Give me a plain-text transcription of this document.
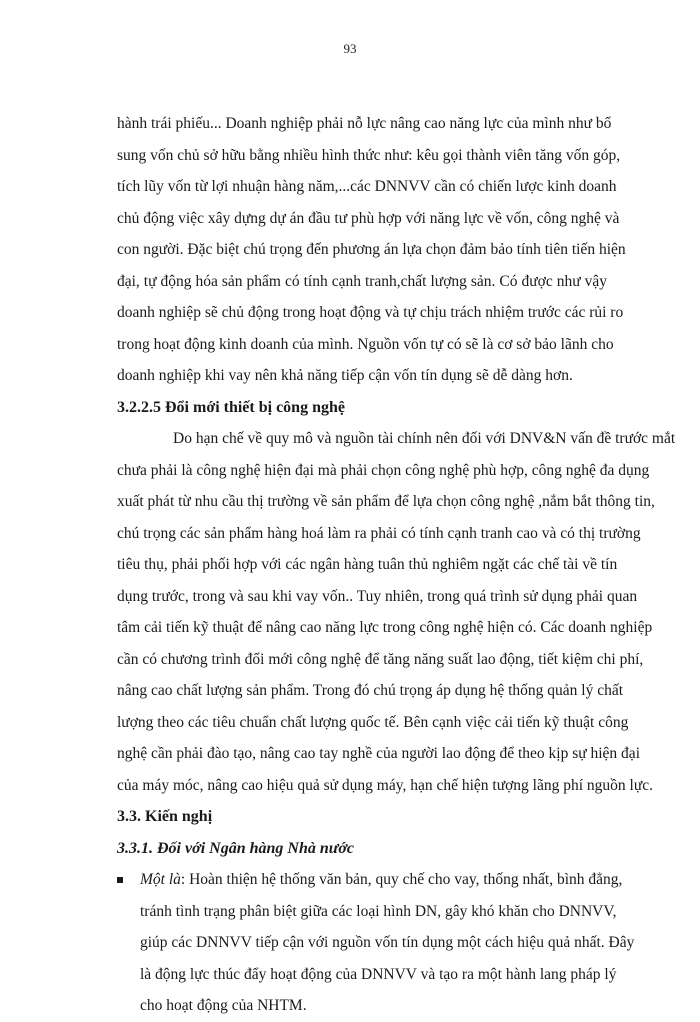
93
hành trái phiếu... Doanh nghiệp phải nỗ lực nâng cao năng lực của mình như bổ
sung vốn chủ sở hữu bằng nhiều hình thức như: kêu gọi thành viên tăng vốn góp,
tích lũy vốn từ lợi nhuận hàng năm,...các DNNVV cần có chiến lược kinh doanh
chủ động việc xây dựng dự án đầu tư phù hợp với năng lực về vốn, công nghệ và
con người. Đặc biệt chú trọng đến phương án lựa chọn đảm bảo tính tiên tiến hiện
đại, tự động hóa sản phẩm có tính cạnh tranh,chất lượng sản. Có được như vậy
doanh nghiệp sẽ chủ động trong hoạt động và tự chịu trách nhiệm trước các rủi ro
trong hoạt động kinh doanh của mình. Nguồn vốn tự có sẽ là cơ sở bảo lãnh cho
doanh nghiệp khi vay nên khả năng tiếp cận vốn tín dụng sẽ dễ dàng hơn.
3.2.2.5 Đổi mới thiết bị công nghệ
Do hạn chế về quy mô và nguồn tài chính nên đối với DNV&N vấn đề trước mắt
chưa phải là công nghệ hiện đại mà phải chọn công nghệ phù hợp, công nghệ đa dụng
xuất phát từ nhu cầu thị trường về sản phẩm để lựa chọn công nghệ ,nắm bắt thông tin,
chú trọng các sản phẩm hàng hoá làm ra phải có tính cạnh tranh cao và có thị trường
tiêu thụ, phải phối hợp với các ngân hàng tuân thủ nghiêm ngặt các chế tài về tín
dụng trước, trong và sau khi vay vốn.. Tuy nhiên, trong quá trình sử dụng phải quan
tâm cải tiến kỹ thuật để nâng cao năng lực trong công nghệ hiện có. Các doanh nghiệp
cần có chương trình đổi mới công nghệ để tăng năng suất lao động, tiết kiệm chi phí,
nâng cao chất lượng sản phẩm. Trong đó chú trọng áp dụng hệ thống quản lý chất
lượng theo các tiêu chuẩn chất lượng quốc tế. Bên cạnh việc cải tiến kỹ thuật công
nghệ cần phải đào tạo, nâng cao tay nghề của người lao động để theo kịp sự hiện đại
của máy móc, nâng cao hiệu quả sử dụng máy, hạn chế hiện tượng lãng phí nguồn lực.
3.3. Kiến nghị
3.3.1. Đối với Ngân hàng Nhà nước
Một là: Hoàn thiện hệ thống văn bản, quy chế cho vay, thống nhất, bình đẳng,
tránh tình trạng phân biệt giữa các loại hình DN, gây khó khăn cho DNNVV,
giúp các DNNVV tiếp cận với nguồn vốn tín dụng một cách hiệu quả nhất. Đây
là động lực thúc đẩy hoạt động của DNNVV và tạo ra một hành lang pháp lý
cho hoạt động của NHTM.
